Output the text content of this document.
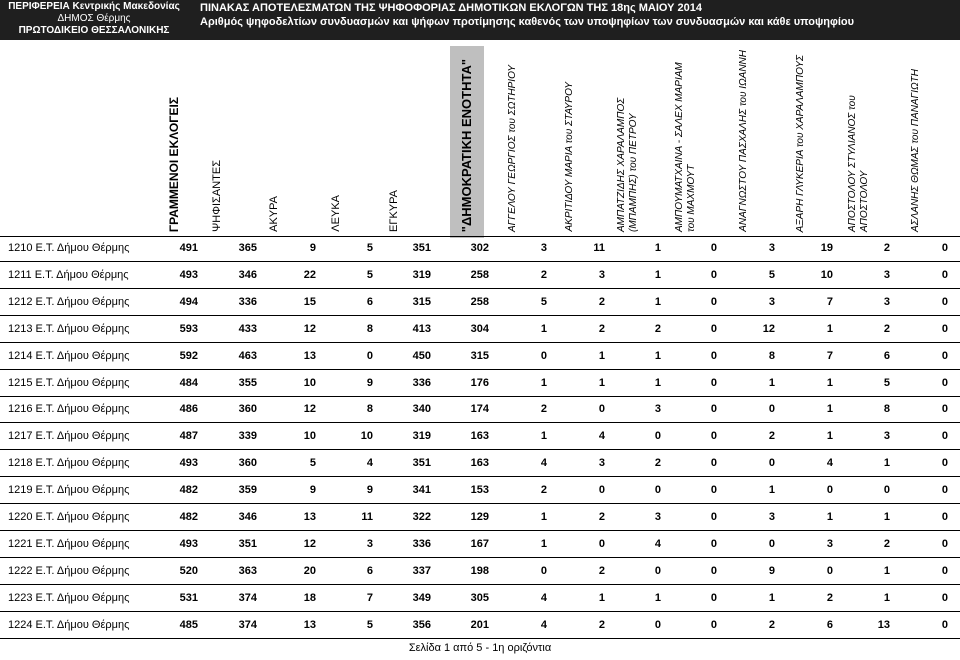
ΠΕΡΙΦΕΡΕΙΑ Κεντρικής Μακεδονίας
ΔΗΜΟΣ Θέρμης
ΠΡΩΤΟΔΙΚΕΙΟ ΘΕΣΣΑΛΟΝΙΚΗΣ
ΠΙΝΑΚΑΣ ΑΠΟΤΕΛΕΣΜΑΤΩΝ ΤΗΣ ΨΗΦΟΦΟΡΙΑΣ ΔΗΜΟΤΙΚΩΝ ΕΚΛΟΓΩΝ ΤΗΣ 18ης ΜΑΙΟΥ 2014
Αριθμός ψηφοδελτίων συνδυασμών και ψήφων προτίμησης καθενός των υποψηφίων των συνδυασμών και κάθε υποψηφίου
ΓΡΑΜΜΕΝΟΙ ΕΚΛΟΓΕΙΣ	ΨΗΦΙΣΑΝΤΕΣ	ΑΚΥΡΑ	ΛΕΥΚΑ	ΕΓΚΥΡΑ	"ΔΗΜΟΚΡΑΤΙΚΗ ΕΝΟΤΗΤΑ"	ΑΓΓΕΛΟΥ ΓΕΩΡΓΙΟΣ του ΣΩΤΗΡΙΟΥ	ΑΚΡΙΤΙΔΟΥ ΜΑΡΙΑ του ΣΤΑΥΡΟΥ	ΑΜΠΑΤΖΙΔΗΣ ΧΑΡΑΛΑΜΠΟΣ (ΜΠΑΜΠΗΣ) του ΠΕΤΡΟΥ	ΑΜΠΟΥΜΑΤΧΑΙΝΑ - ΣΑΛΕΧ ΜΑΡΙΑΜ του ΜΑΧΜΟΥΤ	ΑΝΑΓΝΩΣΤΟΥ ΠΑΣΧΑΛΗΣ του ΙΩΑΝΝΗ	ΑΞΑΡΗ ΓΛΥΚΕΡΙΑ του ΧΑΡΑΛΑΜΠΟΥΣ	ΑΠΟΣΤΟΛΟΥ ΣΤΥΛΙΑΝΟΣ του ΑΠΟΣΤΟΛΟΥ	ΑΣΛΑΝΗΣ ΘΩΜΑΣ του ΠΑΝΑΓΙΩΤΗ
1210 Ε.Τ. Δήμου Θέρμης	491	365	9	5	351	302	3	11	1	0	3	19	2	0
1211 Ε.Τ. Δήμου Θέρμης	493	346	22	5	319	258	2	3	1	0	5	10	3	0
1212 Ε.Τ. Δήμου Θέρμης	494	336	15	6	315	258	5	2	1	0	3	7	3	0
1213 Ε.Τ. Δήμου Θέρμης	593	433	12	8	413	304	1	2	2	0	12	1	2	0
1214 Ε.Τ. Δήμου Θέρμης	592	463	13	0	450	315	0	1	1	0	8	7	6	0
1215 Ε.Τ. Δήμου Θέρμης	484	355	10	9	336	176	1	1	1	0	1	1	5	0
1216 Ε.Τ. Δήμου Θέρμης	486	360	12	8	340	174	2	0	3	0	0	1	8	0
1217 Ε.Τ. Δήμου Θέρμης	487	339	10	10	319	163	1	4	0	0	2	1	3	0
1218 Ε.Τ. Δήμου Θέρμης	493	360	5	4	351	163	4	3	2	0	0	4	1	0
1219 Ε.Τ. Δήμου Θέρμης	482	359	9	9	341	153	2	0	0	0	1	0	0	0
1220 Ε.Τ. Δήμου Θέρμης	482	346	13	11	322	129	1	2	3	0	3	1	1	0
1221 Ε.Τ. Δήμου Θέρμης	493	351	12	3	336	167	1	0	4	0	0	3	2	0
1222 Ε.Τ. Δήμου Θέρμης	520	363	20	6	337	198	0	2	0	0	9	0	1	0
1223 Ε.Τ. Δήμου Θέρμης	531	374	18	7	349	305	4	1	1	0	1	2	1	0
1224 Ε.Τ. Δήμου Θέρμης	485	374	13	5	356	201	4	2	0	0	2	6	13	0
Σελίδα 1 από 5 - 1η οριζόντια
